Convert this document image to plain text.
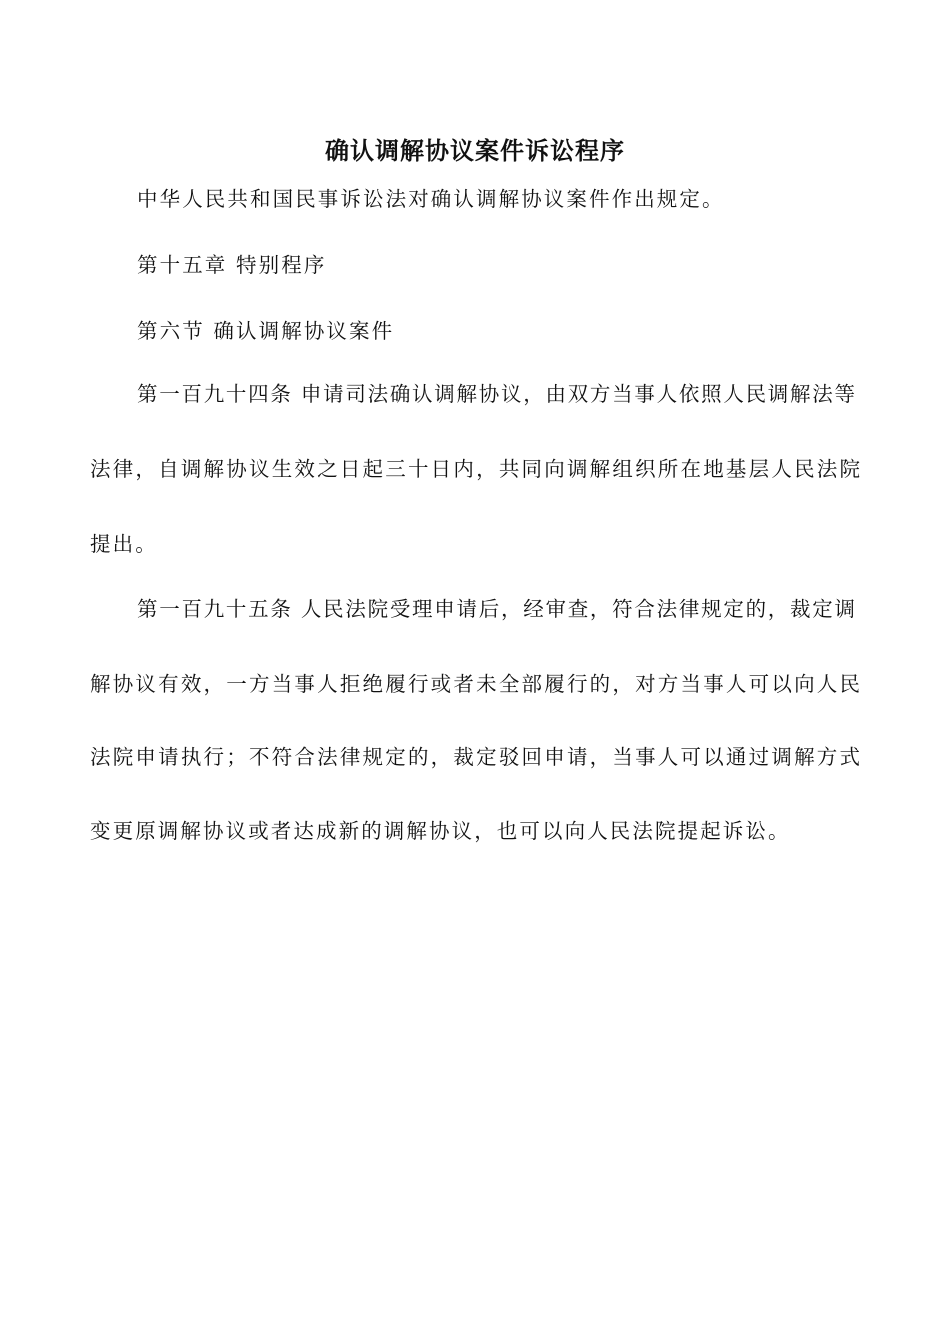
确认调解协议案件诉讼程序
中华人民共和国民事诉讼法对确认调解协议案件作出规定。
第十五章 特别程序
第六节 确认调解协议案件
第一百九十四条 申请司法确认调解协议，由双方当事人依照人民调解法等
法律，自调解协议生效之日起三十日内，共同向调解组织所在地基层人民法院
提出。
第一百九十五条 人民法院受理申请后，经审查，符合法律规定的，裁定调
解协议有效，一方当事人拒绝履行或者未全部履行的，对方当事人可以向人民
法院申请执行；不符合法律规定的，裁定驳回申请，当事人可以通过调解方式
变更原调解协议或者达成新的调解协议，也可以向人民法院提起诉讼。
